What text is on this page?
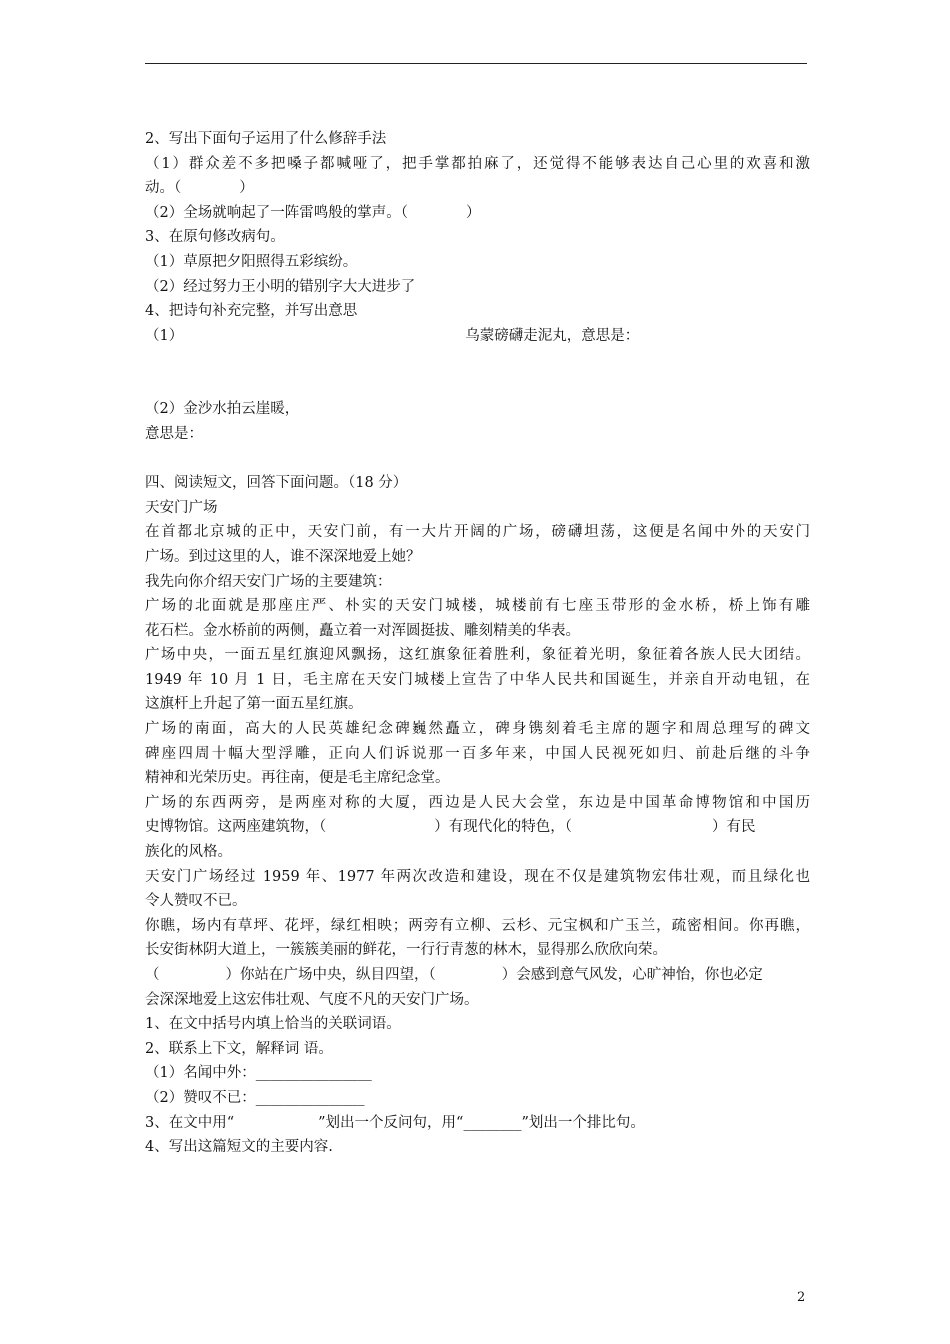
2、写出下面句子运用了什么修辞手法
（1）群众差不多把嗓子都喊哑了，把手掌都拍麻了，还觉得不能够表达自己心里的欢喜和激
动。（　　　　）
（2）全场就响起了一阵雷鸣般的掌声。（　　　　）
3、在原句修改病句。
（1）草原把夕阳照得五彩缤纷。
（2）经过努力王小明的错别字大大进步了
4、把诗句补充完整，并写出意思
（1）	乌蒙磅礴走泥丸，意思是：
（2）金沙水拍云崖暖，
意思是：
四、阅读短文，回答下面问题。（18 分）
天安门广场
在首都北京城的正中，天安门前，有一大片开阔的广场，磅礴坦荡，这便是名闻中外的天安门
广场。到过这里的人，谁不深深地爱上她？
我先向你介绍天安门广场的主要建筑：
广场的北面就是那座庄严、朴实的天安门城楼，城楼前有七座玉带形的金水桥，桥上饰有雕
花石栏。金水桥前的两侧，矗立着一对浑圆挺拔、雕刻精美的华表。
广场中央，一面五星红旗迎风飘扬，这红旗象征着胜利，象征着光明，象征着各族人民大团结。
1949 年 10 月 1 日，毛主席在天安门城楼上宣告了中华人民共和国诞生，并亲自开动电钮，在
这旗杆上升起了第一面五星红旗。
广场的南面，高大的人民英雄纪念碑巍然矗立，碑身镌刻着毛主席的题字和周总理写的碑文
碑座四周十幅大型浮雕，正向人们诉说那一百多年来，中国人民视死如归、前赴后继的斗争
精神和光荣历史。再往南，便是毛主席纪念堂。
广场的东西两旁，是两座对称的大厦，西边是人民大会堂，东边是中国革命博物馆和中国历
史博物馆。这两座建筑物，（	）有现代化的特色，（	）有民
族化的风格。
天安门广场经过 1959 年、1977 年两次改造和建设，现在不仅是建筑物宏伟壮观，而且绿化也
令人赞叹不已。
你瞧，场内有草坪、花坪，绿红相映；两旁有立柳、云杉、元宝枫和广玉兰，疏密相间。你再瞧，
长安街林阴大道上，一簇簇美丽的鲜花，一行行青葱的林木，显得那么欣欣向荣。
（	）你站在广场中央，纵目四望，（	）会感到意气风发，心旷神怡，你也必定
会深深地爱上这宏伟壮观、气度不凡的天安门广场。
1、在文中括号内填上恰当的关联词语。
2、联系上下文，解释词 语。
（1）名闻中外：________________
（2）赞叹不已：_______________
3、在文中用“	”划出一个反问句，用“________”划出一个排比句。
4、写出这篇短文的主要内容.
2
